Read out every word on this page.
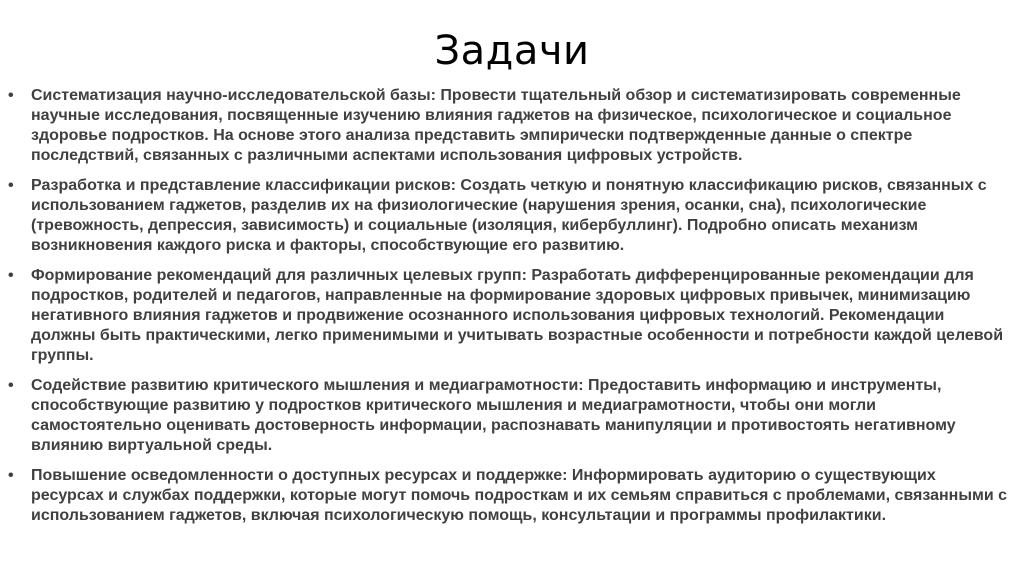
Задачи
•	Систематизация научно-исследовательской базы: Провести тщательный обзор и систематизировать современные научные исследования, посвященные изучению влияния гаджетов на физическое, психологическое и социальное здоровье подростков. На основе этого анализа представить эмпирически подтвержденные данные о спектре последствий, связанных с различными аспектами использования цифровых устройств.
•	Разработка и представление классификации рисков: Создать четкую и понятную классификацию рисков, связанных с использованием гаджетов, разделив их на физиологические (нарушения зрения, осанки, сна), психологические (тревожность, депрессия, зависимость) и социальные (изоляция, кибербуллинг). Подробно описать механизм возникновения каждого риска и факторы, способствующие его развитию.
•	Формирование рекомендаций для различных целевых групп: Разработать дифференцированные рекомендации для подростков, родителей и педагогов, направленные на формирование здоровых цифровых привычек, минимизацию негативного влияния гаджетов и продвижение осознанного использования цифровых технологий. Рекомендации должны быть практическими, легко применимыми и учитывать возрастные особенности и потребности каждой целевой группы.
•	Содействие развитию критического мышления и медиаграмотности: Предоставить информацию и инструменты, способствующие развитию у подростков критического мышления и медиаграмотности, чтобы они могли самостоятельно оценивать достоверность информации, распознавать манипуляции и противостоять негативному влиянию виртуальной среды.
•	Повышение осведомленности о доступных ресурсах и поддержке: Информировать аудиторию о существующих ресурсах и службах поддержки, которые могут помочь подросткам и их семьям справиться с проблемами, связанными с использованием гаджетов, включая психологическую помощь, консультации и программы профилактики.
